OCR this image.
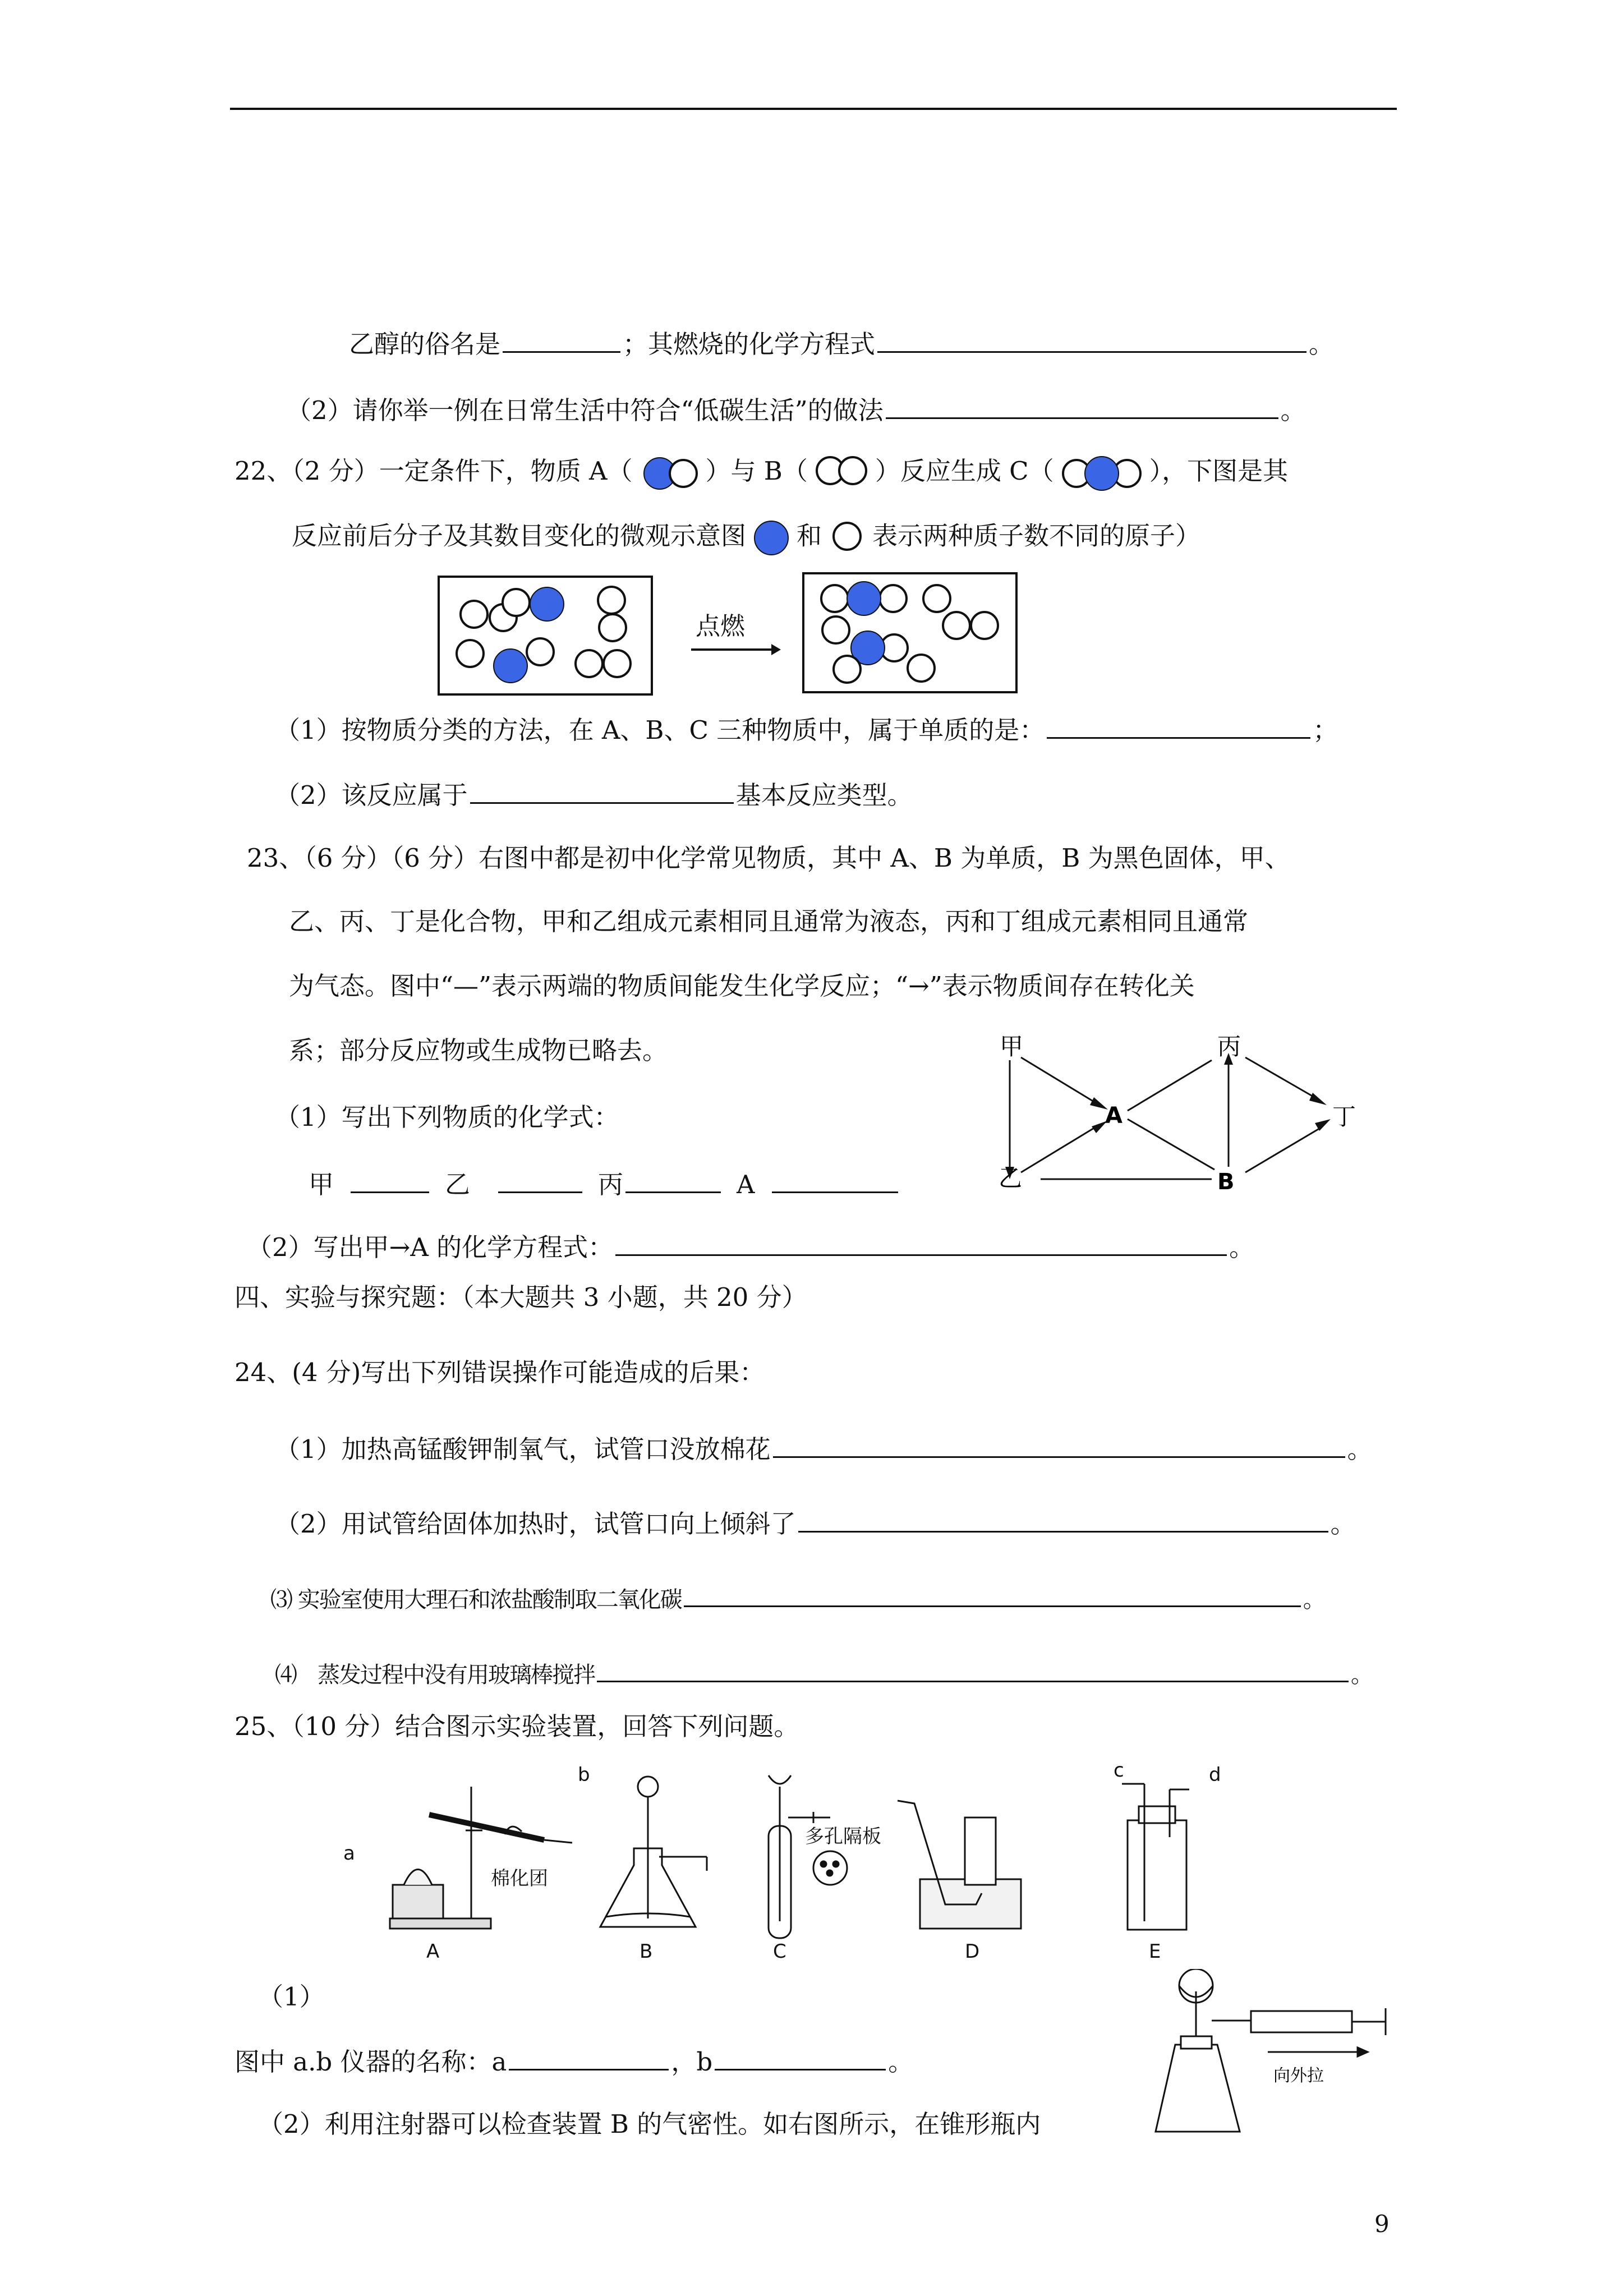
乙醇的俗名是	；其燃烧的化学方程式	。
（2）请你举一例在日常生活中符合“低碳生活”的做法	。
22、（2 分）一定条件下，物质 A（	）与 B（	）反应生成 C（	），下图是其
反应前后分子及其数目变化的微观示意图 和 表示两种质子数不同的原子）
点燃
（1）按物质分类的方法，在 A、B、C 三种物质中，属于单质的是：	；
（2）该反应属于	基本反应类型。
23、（6 分）（6 分）右图中都是初中化学常见物质，其中 A、B 为单质，B 为黑色固体，甲、
乙、丙、丁是化合物，甲和乙组成元素相同且通常为液态，丙和丁组成元素相同且通常
为气态。图中“—”表示两端的物质间能发生化学反应；“→”表示物质间存在转化关
系；部分反应物或生成物已略去。
（1）写出下列物质的化学式：
甲	乙	丙	A
甲	丙
A	丁
乙	B
（2）写出甲→A 的化学方程式：	。
四、实验与探究题：（本大题共 3 小题，共 20 分）
24、(4 分)写出下列错误操作可能造成的后果：
（1）加热高锰酸钾制氧气，试管口没放棉花	。
（2）用试管给固体加热时，试管口向上倾斜了	。
⑶ 实验室使用大理石和浓盐酸制取二氧化碳	。
⑷　蒸发过程中没有用玻璃棒搅拌	。
25、（10 分）结合图示实验装置，回答下列问题。
a
棉化团
b
多孔隔板
c	d
A	B	C	D	E
（1）
图中 a.b 仪器的名称：a	，b	。
（2）利用注射器可以检查装置 B 的气密性。如右图所示，在锥形瓶内
向外拉
9
